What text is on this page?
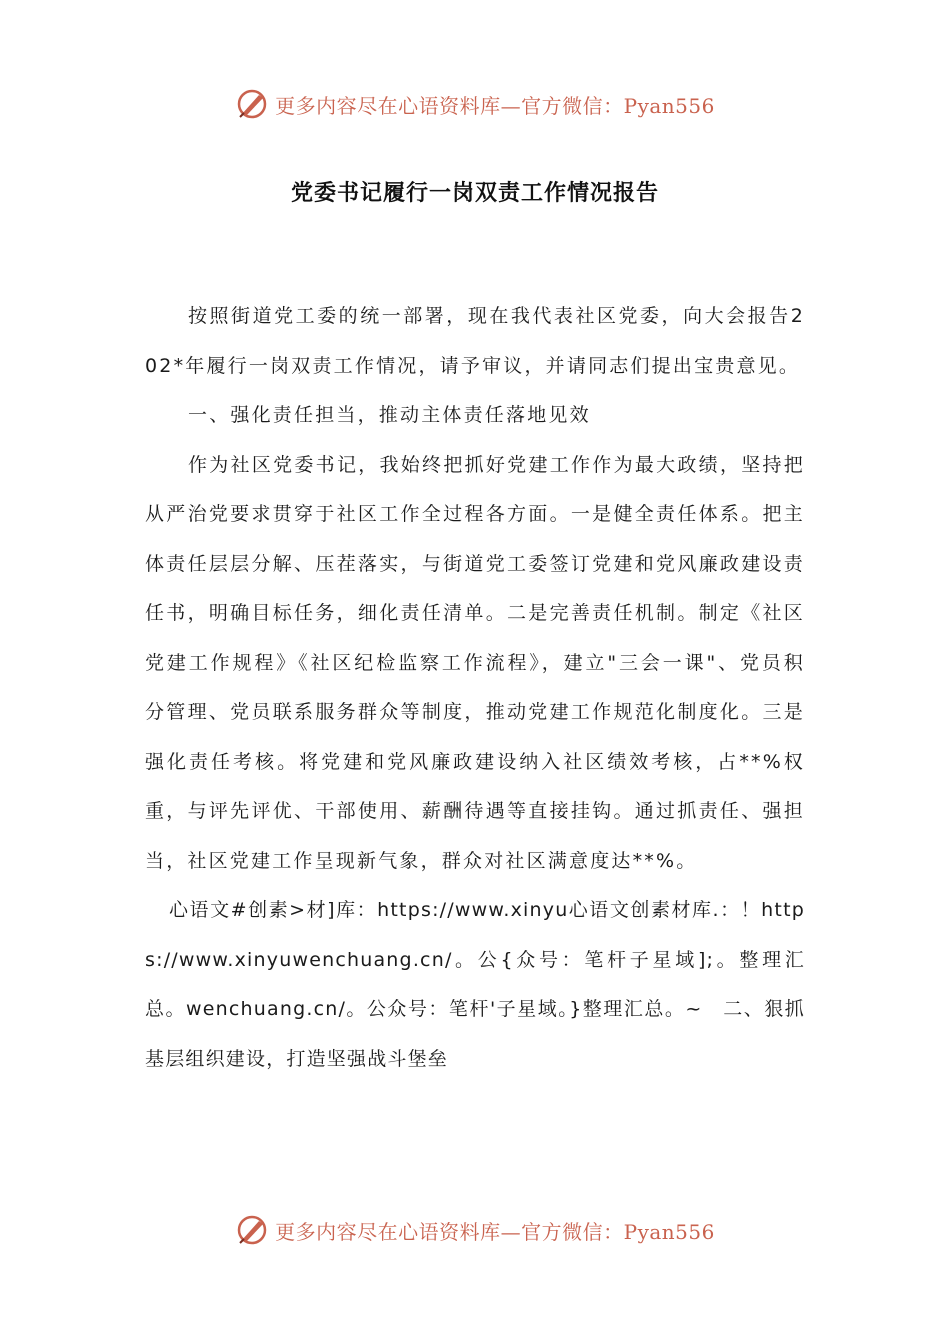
更多内容尽在心语资料库—官方微信：Pyan556
党委书记履行一岗双责工作情况报告

按照街道党工委的统一部署，现在我代表社区党委，向大会报告202*年履行一岗双责工作情况，请予审议，并请同志们提出宝贵意见。

一、强化责任担当，推动主体责任落地见效

作为社区党委书记，我始终把抓好党建工作作为最大政绩，坚持把从严治党要求贯穿于社区工作全过程各方面。一是健全责任体系。把主体责任层层分解、压茬落实，与街道党工委签订党建和党风廉政建设责任书，明确目标任务，细化责任清单。二是完善责任机制。制定《社区党建工作规程》《社区纪检监察工作流程》，建立"三会一课"、党员积分管理、党员联系服务群众等制度，推动党建工作规范化制度化。三是强化责任考核。将党建和党风廉政建设纳入社区绩效考核，占**%权重，与评先评优、干部使用、薪酬待遇等直接挂钩。通过抓责任、强担当，社区党建工作呈现新气象，群众对社区满意度达**%。

心语文#创素>材]库：https://www.xinyu心语文创素材库.：！https://www.xinyuwenchuang.cn/。公{众号：笔杆子星域];。整理汇总。wenchuang.cn/。公众号：笔杆'子星域。}整理汇总。~　二、狠抓基层组织建设，打造坚强战斗堡垒

更多内容尽在心语资料库—官方微信：Pyan556
